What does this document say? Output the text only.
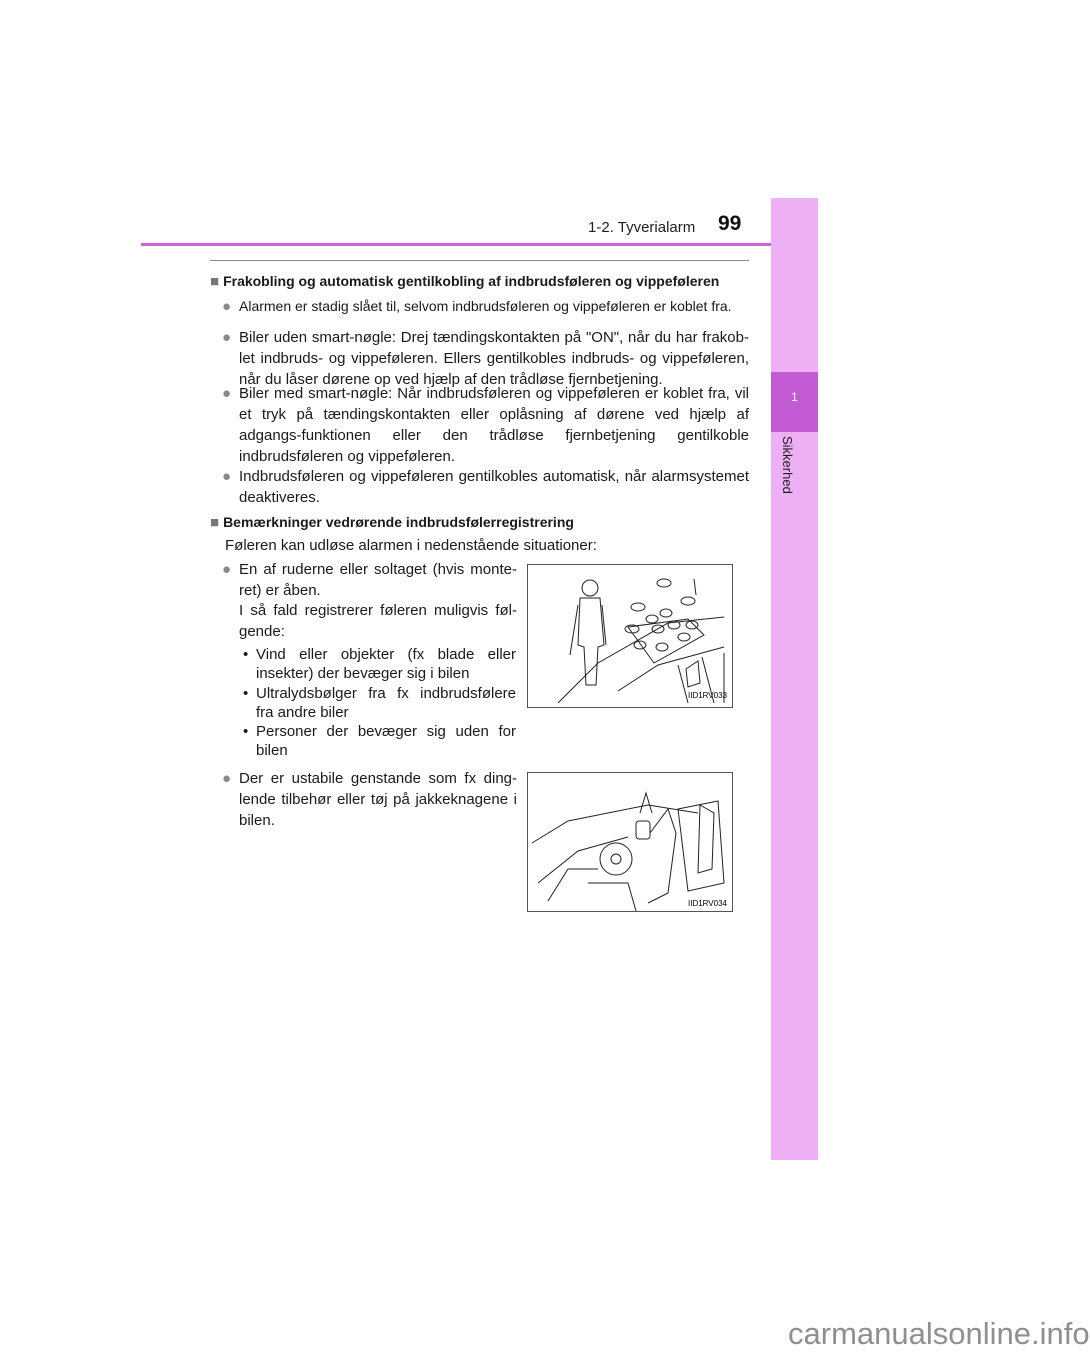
1-2. Tyverialarm 99
1
Sikkerhed
■ Frakobling og automatisk gentilkobling af indbrudsføleren og vippeføleren
● Alarmen er stadig slået til, selvom indbrudsføleren og vippeføleren er koblet fra.
● Biler uden smart-nøgle: Drej tændingskontakten på "ON", når du har frakob-let indbruds- og vippeføleren. Ellers gentilkobles indbruds- og vippeføleren, når du låser dørene op ved hjælp af den trådløse fjernbetjening.
● Biler med smart-nøgle: Når indbrudsføleren og vippeføleren er koblet fra, vil et tryk på tændingskontakten eller oplåsning af dørene ved hjælp af adgangs-funktionen eller den trådløse fjernbetjening gentilkoble indbrudsføleren og vippeføleren.
● Indbrudsføleren og vippeføleren gentilkobles automatisk, når alarmsystemet deaktiveres.
■ Bemærkninger vedrørende indbrudsfølerregistrering
Føleren kan udløse alarmen i nedenstående situationer:
● En af ruderne eller soltaget (hvis monte-ret) er åben.
I så fald registrerer føleren muligvis føl-gende:
• Vind eller objekter (fx blade eller insekter) der bevæger sig i bilen
• Ultralydsbølger fra fx indbrudsfølere fra andre biler
• Personer der bevæger sig uden for bilen
IID1RV033
● Der er ustabile genstande som fx ding-lende tilbehør eller tøj på jakkeknagene i bilen.
IID1RV034
carmanualsonline.info
